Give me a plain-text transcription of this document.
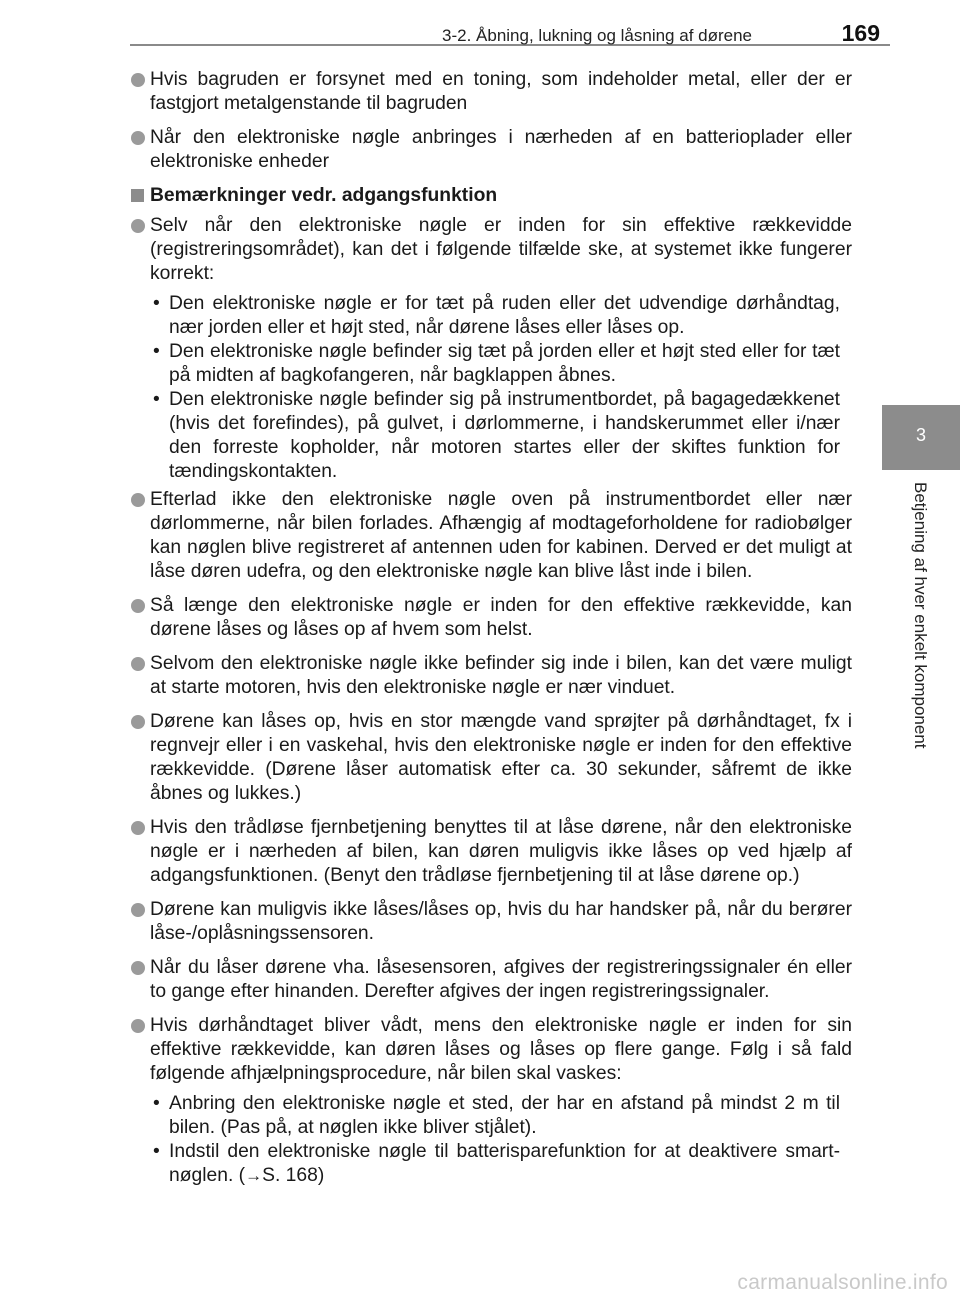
3-2. Åbning, lukning og låsning af dørene	169
3
Betjening af hver enkelt komponent
Hvis bagruden er forsynet med en toning, som indeholder metal, eller der er fastgjort metalgenstande til bagruden
Når den elektroniske nøgle anbringes i nærheden af en batterioplader eller elektroniske enheder
Bemærkninger vedr. adgangsfunktion
Selv når den elektroniske nøgle er inden for sin effektive rækkevidde (registreringsområdet), kan det i følgende tilfælde ske, at systemet ikke fungerer korrekt:
• Den elektroniske nøgle er for tæt på ruden eller det udvendige dørhåndtag, nær jorden eller et højt sted, når dørene låses eller låses op.
• Den elektroniske nøgle befinder sig tæt på jorden eller et højt sted eller for tæt på midten af bagkofangeren, når bagklappen åbnes.
• Den elektroniske nøgle befinder sig på instrumentbordet, på bagagedækkenet (hvis det forefindes), på gulvet, i dørlommerne, i handskerummet eller i/nær den forreste kopholder, når motoren startes eller der skiftes funktion for tændingskontakten.
Efterlad ikke den elektroniske nøgle oven på instrumentbordet eller nær dørlommerne, når bilen forlades. Afhængig af modtageforholdene for radiobølger kan nøglen blive registreret af antennen uden for kabinen. Derved er det muligt at låse døren udefra, og den elektroniske nøgle kan blive låst inde i bilen.
Så længe den elektroniske nøgle er inden for den effektive rækkevidde, kan dørene låses og låses op af hvem som helst.
Selvom den elektroniske nøgle ikke befinder sig inde i bilen, kan det være muligt at starte motoren, hvis den elektroniske nøgle er nær vinduet.
Dørene kan låses op, hvis en stor mængde vand sprøjter på dørhåndtaget, fx i regnvejr eller i en vaskehal, hvis den elektroniske nøgle er inden for den effektive rækkevidde. (Dørene låser automatisk efter ca. 30 sekunder, såfremt de ikke åbnes og lukkes.)
Hvis den trådløse fjernbetjening benyttes til at låse dørene, når den elektroniske nøgle er i nærheden af bilen, kan døren muligvis ikke låses op ved hjælp af adgangsfunktionen. (Benyt den trådløse fjernbetjening til at låse dørene op.)
Dørene kan muligvis ikke låses/låses op, hvis du har handsker på, når du berører låse-/oplåsningssensoren.
Når du låser dørene vha. låsesensoren, afgives der registreringssignaler én eller to gange efter hinanden. Derefter afgives der ingen registreringssignaler.
Hvis dørhåndtaget bliver vådt, mens den elektroniske nøgle er inden for sin effektive rækkevidde, kan døren låses og låses op flere gange. Følg i så fald følgende afhjælpningsprocedure, når bilen skal vaskes:
• Anbring den elektroniske nøgle et sted, der har en afstand på mindst 2 m til bilen. (Pas på, at nøglen ikke bliver stjålet).
• Indstil den elektroniske nøgle til batterisparefunktion for at deaktivere smart-nøglen. (→S. 168)
carmanualsonline.info
